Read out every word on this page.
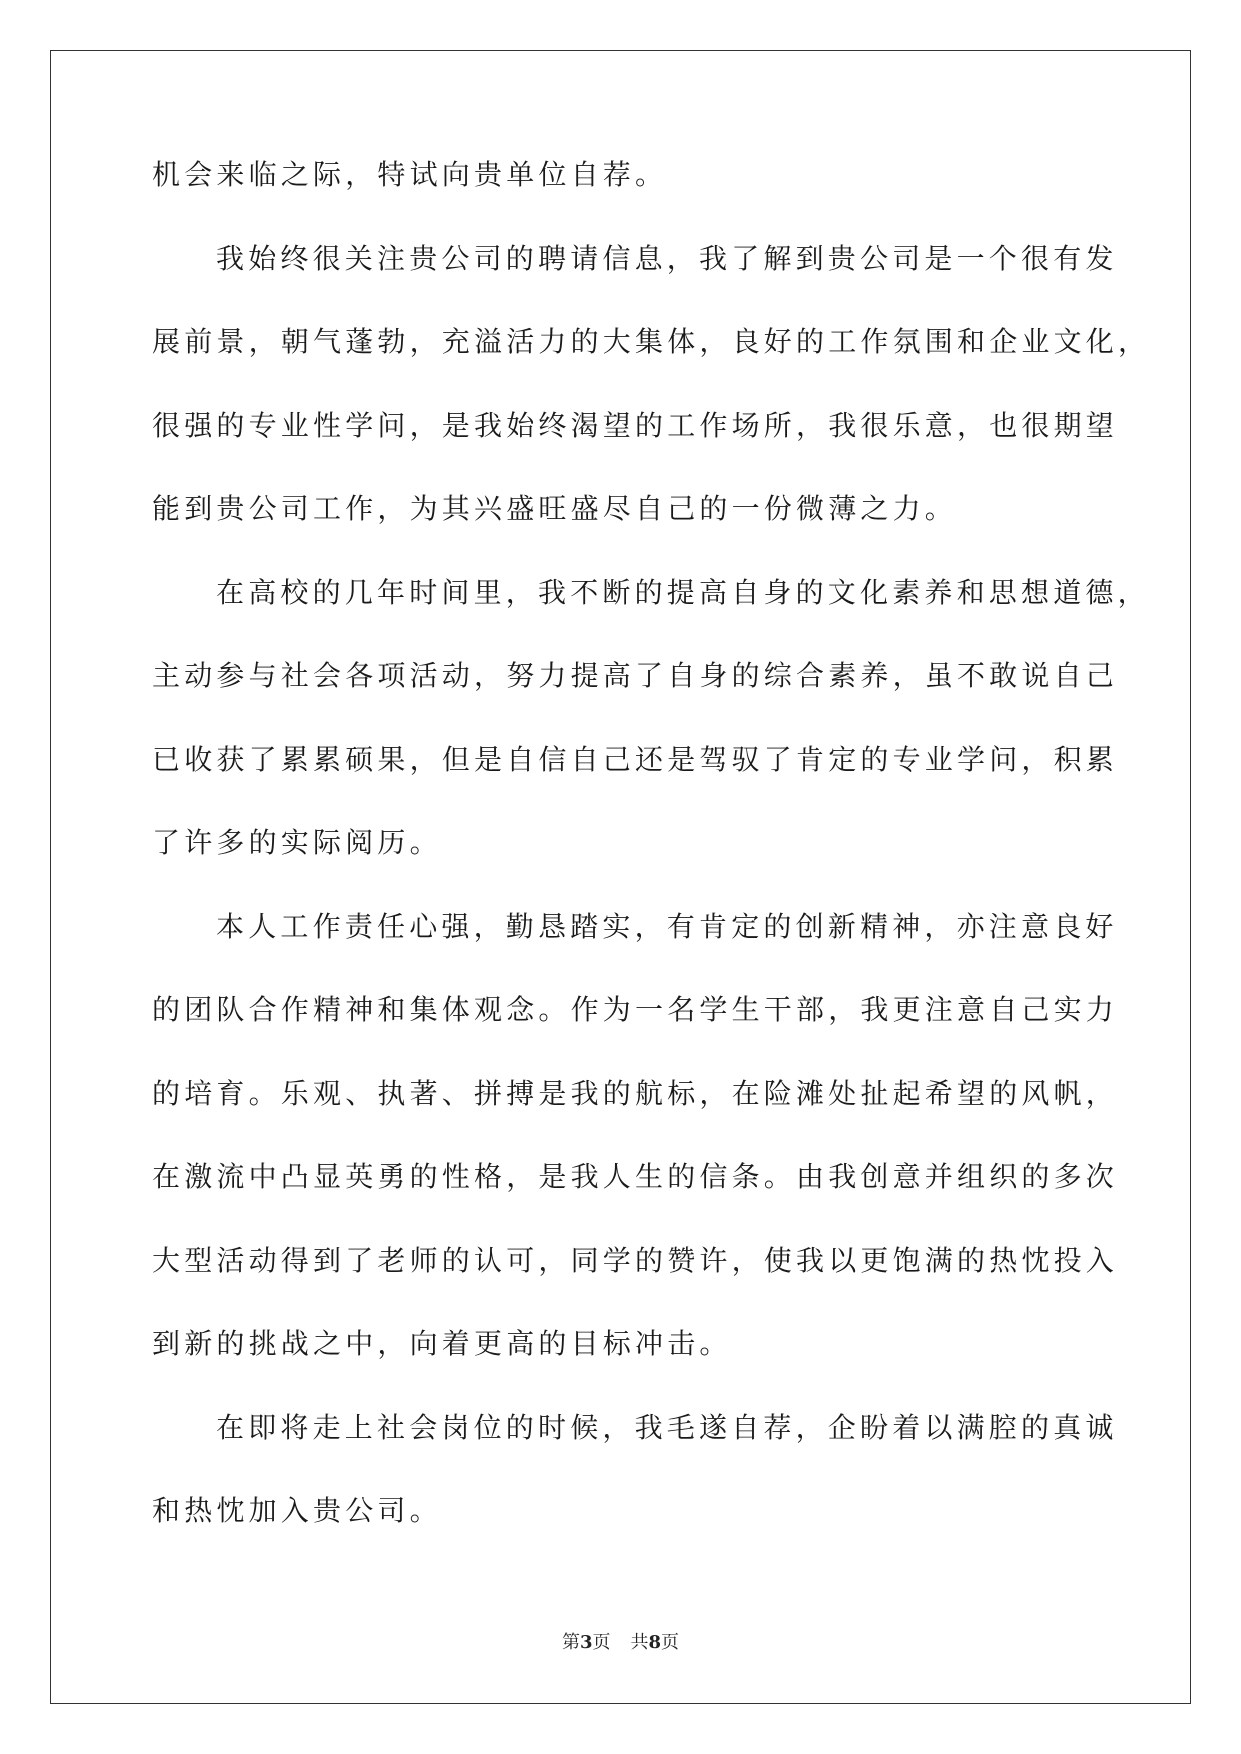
机会来临之际，特试向贵单位自荐。
我始终很关注贵公司的聘请信息，我了解到贵公司是一个很有发
展前景，朝气蓬勃，充溢活力的大集体，良好的工作氛围和企业文化，
很强的专业性学问，是我始终渴望的工作场所，我很乐意，也很期望
能到贵公司工作，为其兴盛旺盛尽自己的一份微薄之力。
在高校的几年时间里，我不断的提高自身的文化素养和思想道德，
主动参与社会各项活动，努力提高了自身的综合素养，虽不敢说自己
已收获了累累硕果，但是自信自己还是驾驭了肯定的专业学问，积累
了许多的实际阅历。
本人工作责任心强，勤恳踏实，有肯定的创新精神，亦注意良好
的团队合作精神和集体观念。作为一名学生干部，我更注意自己实力
的培育。乐观、执著、拼搏是我的航标，在险滩处扯起希望的风帆，
在激流中凸显英勇的性格，是我人生的信条。由我创意并组织的多次
大型活动得到了老师的认可，同学的赞许，使我以更饱满的热忱投入
到新的挑战之中，向着更高的目标冲击。
在即将走上社会岗位的时候，我毛遂自荐，企盼着以满腔的真诚
和热忱加入贵公司。
第3页 共8页
